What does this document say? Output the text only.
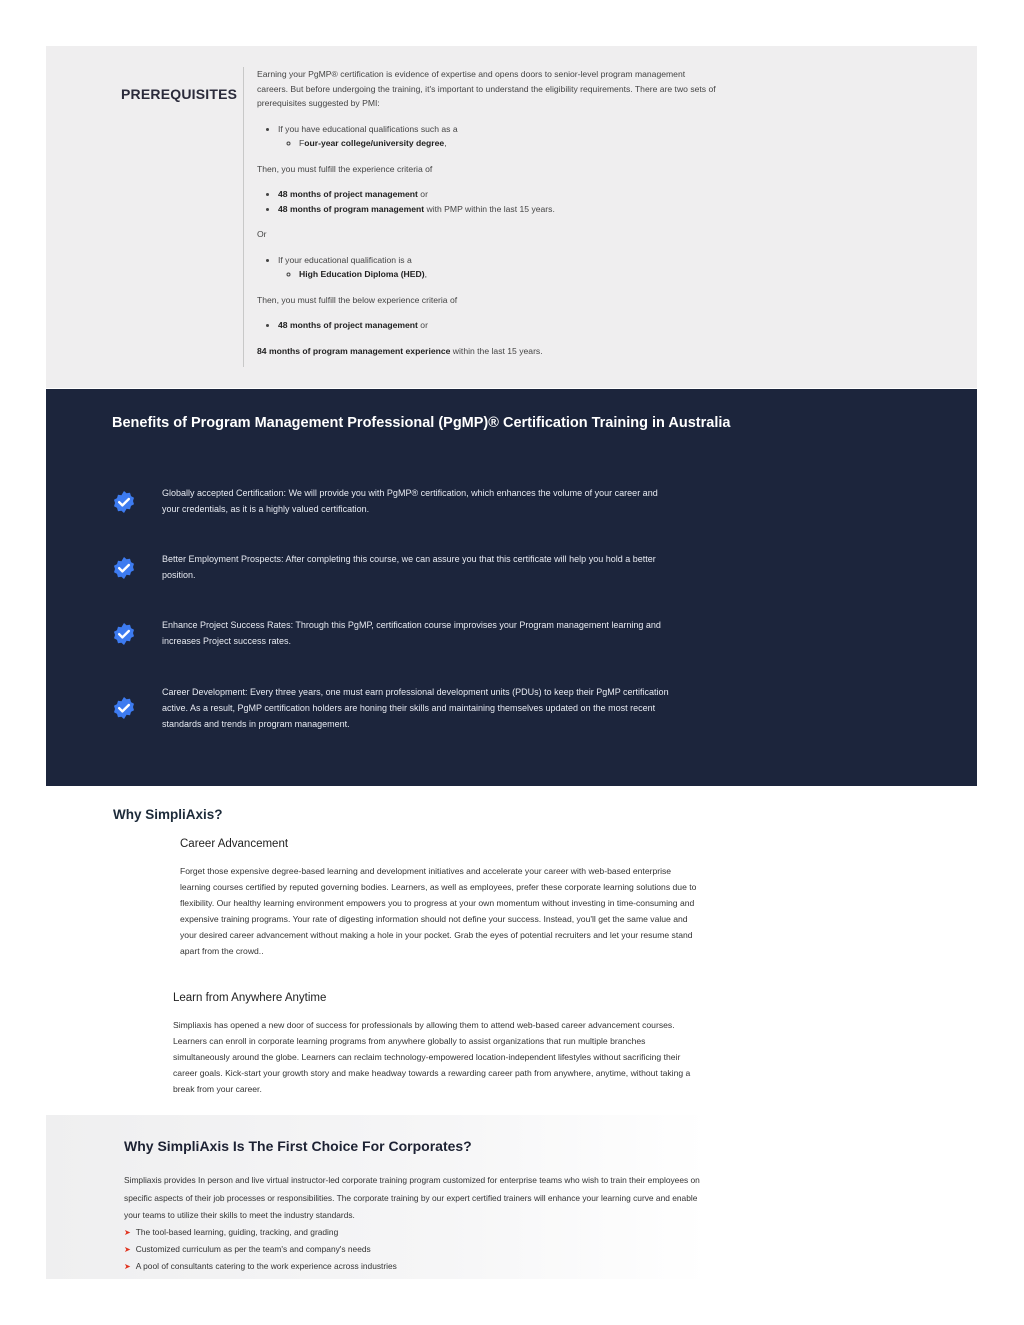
PREREQUISITES

Earning your PgMP® certification is evidence of expertise and opens doors to senior-level program management careers. But before undergoing the training, it's important to understand the eligibility requirements. There are two sets of prerequisites suggested by PMI:

• If you have educational qualifications such as a
◦ Four-year college/university degree,

Then, you must fulfill the experience criteria of

• 48 months of project management or
• 48 months of program management with PMP within the last 15 years.

Or

• If your educational qualification is a
◦ High Education Diploma (HED),

Then, you must fulfill the below experience criteria of

• 48 months of project management or

84 months of program management experience within the last 15 years.

Benefits of Program Management Professional (PgMP)® Certification Training in Australia
Globally accepted Certification: We will provide you with PgMP® certification, which enhances the volume of your career and your credentials, as it is a highly valued certification.
Better Employment Prospects: After completing this course, we can assure you that this certificate will help you hold a better position.
Enhance Project Success Rates: Through this PgMP, certification course improvises your Program management learning and increases Project success rates.
Career Development: Every three years, one must earn professional development units (PDUs) to keep their PgMP certification active. As a result, PgMP certification holders are honing their skills and maintaining themselves updated on the most recent standards and trends in program management.
Why SimpliAxis?
Career Advancement
Forget those expensive degree-based learning and development initiatives and accelerate your career with web-based enterprise learning courses certified by reputed governing bodies. Learners, as well as employees, prefer these corporate learning solutions due to flexibility. Our healthy learning environment empowers you to progress at your own momentum without investing in time-consuming and expensive training programs. Your rate of digesting information should not define your success. Instead, you'll get the same value and your desired career advancement without making a hole in your pocket. Grab the eyes of potential recruiters and let your resume stand apart from the crowd..
Learn from Anywhere Anytime
Simpliaxis has opened a new door of success for professionals by allowing them to attend web-based career advancement courses. Learners can enroll in corporate learning programs from anywhere globally to assist organizations that run multiple branches simultaneously around the globe. Learners can reclaim technology-empowered location-independent lifestyles without sacrificing their career goals. Kick-start your growth story and make headway towards a rewarding career path from anywhere, anytime, without taking a break from your career.
Why SimpliAxis Is The First Choice For Corporates?
Simpliaxis provides In person and live virtual instructor-led corporate training program customized for enterprise teams who wish to train their employees on specific aspects of their job processes or responsibilities. The corporate training by our expert certified trainers will enhance your learning curve and enable your teams to utilize their skills to meet the industry standards.
➤ The tool-based learning, guiding, tracking, and grading
➤ Customized curriculum as per the team's and company's needs
➤ A pool of consultants catering to the work experience across industries
